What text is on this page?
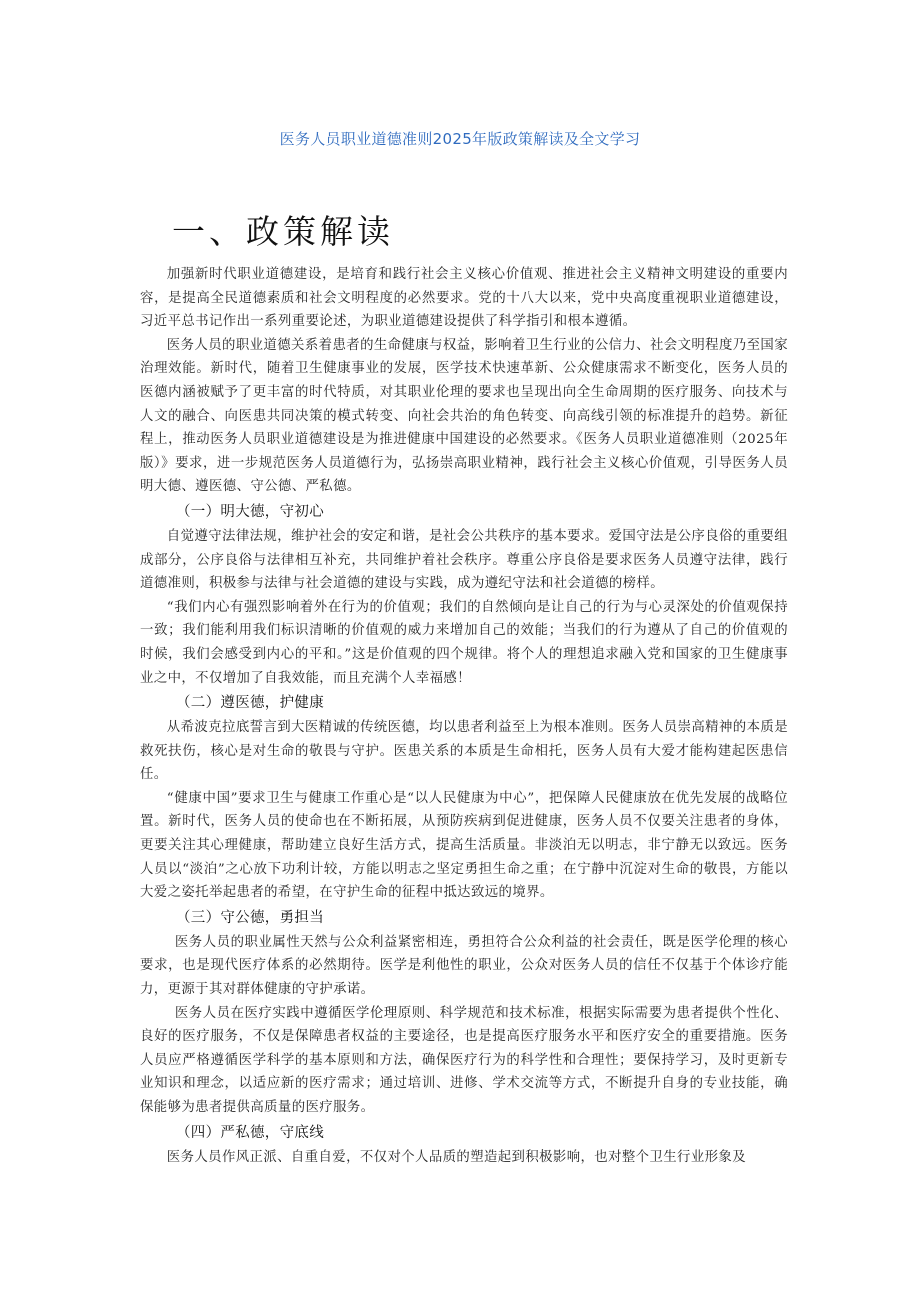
医务人员职业道德准则2025年版政策解读及全文学习
一、政策解读

加强新时代职业道德建设，是培育和践行社会主义核心价值观、推进社会主义精神文明建设的重要内容，是提高全民道德素质和社会文明程度的必然要求。党的十八大以来，党中央高度重视职业道德建设，习近平总书记作出一系列重要论述，为职业道德建设提供了科学指引和根本遵循。

医务人员的职业道德关系着患者的生命健康与权益，影响着卫生行业的公信力、社会文明程度乃至国家治理效能。新时代，随着卫生健康事业的发展，医学技术快速革新、公众健康需求不断变化，医务人员的医德内涵被赋予了更丰富的时代特质，对其职业伦理的要求也呈现出向全生命周期的医疗服务、向技术与人文的融合、向医患共同决策的模式转变、向社会共治的角色转变、向高线引领的标准提升的趋势。新征程上，推动医务人员职业道德建设是为推进健康中国建设的必然要求。《医务人员职业道德准则（2025年版）》要求，进一步规范医务人员道德行为，弘扬崇高职业精神，践行社会主义核心价值观，引导医务人员明大德、遵医德、守公德、严私德。

（一）明大德，守初心

自觉遵守法律法规，维护社会的安定和谐，是社会公共秩序的基本要求。爱国守法是公序良俗的重要组成部分，公序良俗与法律相互补充，共同维护着社会秩序。尊重公序良俗是要求医务人员遵守法律，践行道德准则，积极参与法律与社会道德的建设与实践，成为遵纪守法和社会道德的榜样。

“我们内心有强烈影响着外在行为的价值观；我们的自然倾向是让自己的行为与心灵深处的价值观保持一致；我们能利用我们标识清晰的价值观的威力来增加自己的效能；当我们的行为遵从了自己的价值观的时候，我们会感受到内心的平和。”这是价值观的四个规律。将个人的理想追求融入党和国家的卫生健康事业之中，不仅增加了自我效能，而且充满个人幸福感！

（二）遵医德，护健康

从希波克拉底誓言到大医精诚的传统医德，均以患者利益至上为根本准则。医务人员崇高精神的本质是救死扶伤，核心是对生命的敬畏与守护。医患关系的本质是生命相托，医务人员有大爱才能构建起医患信任。

“健康中国”要求卫生与健康工作重心是“以人民健康为中心”，把保障人民健康放在优先发展的战略位置。新时代，医务人员的使命也在不断拓展，从预防疾病到促进健康，医务人员不仅要关注患者的身体，更要关注其心理健康，帮助建立良好生活方式，提高生活质量。非淡泊无以明志，非宁静无以致远。医务人员以“淡泊”之心放下功利计较，方能以明志之坚定勇担生命之重；在宁静中沉淀对生命的敬畏，方能以大爱之姿托举起患者的希望，在守护生命的征程中抵达致远的境界。

（三）守公德，勇担当

医务人员的职业属性天然与公众利益紧密相连，勇担符合公众利益的社会责任，既是医学伦理的核心要求，也是现代医疗体系的必然期待。医学是利他性的职业，公众对医务人员的信任不仅基于个体诊疗能力，更源于其对群体健康的守护承诺。

医务人员在医疗实践中遵循医学伦理原则、科学规范和技术标准，根据实际需要为患者提供个性化、良好的医疗服务，不仅是保障患者权益的主要途径，也是提高医疗服务水平和医疗安全的重要措施。医务人员应严格遵循医学科学的基本原则和方法，确保医疗行为的科学性和合理性；要保持学习，及时更新专业知识和理念，以适应新的医疗需求；通过培训、进修、学术交流等方式，不断提升自身的专业技能，确保能够为患者提供高质量的医疗服务。

（四）严私德，守底线

医务人员作风正派、自重自爱，不仅对个人品质的塑造起到积极影响，也对整个卫生行业形象及
